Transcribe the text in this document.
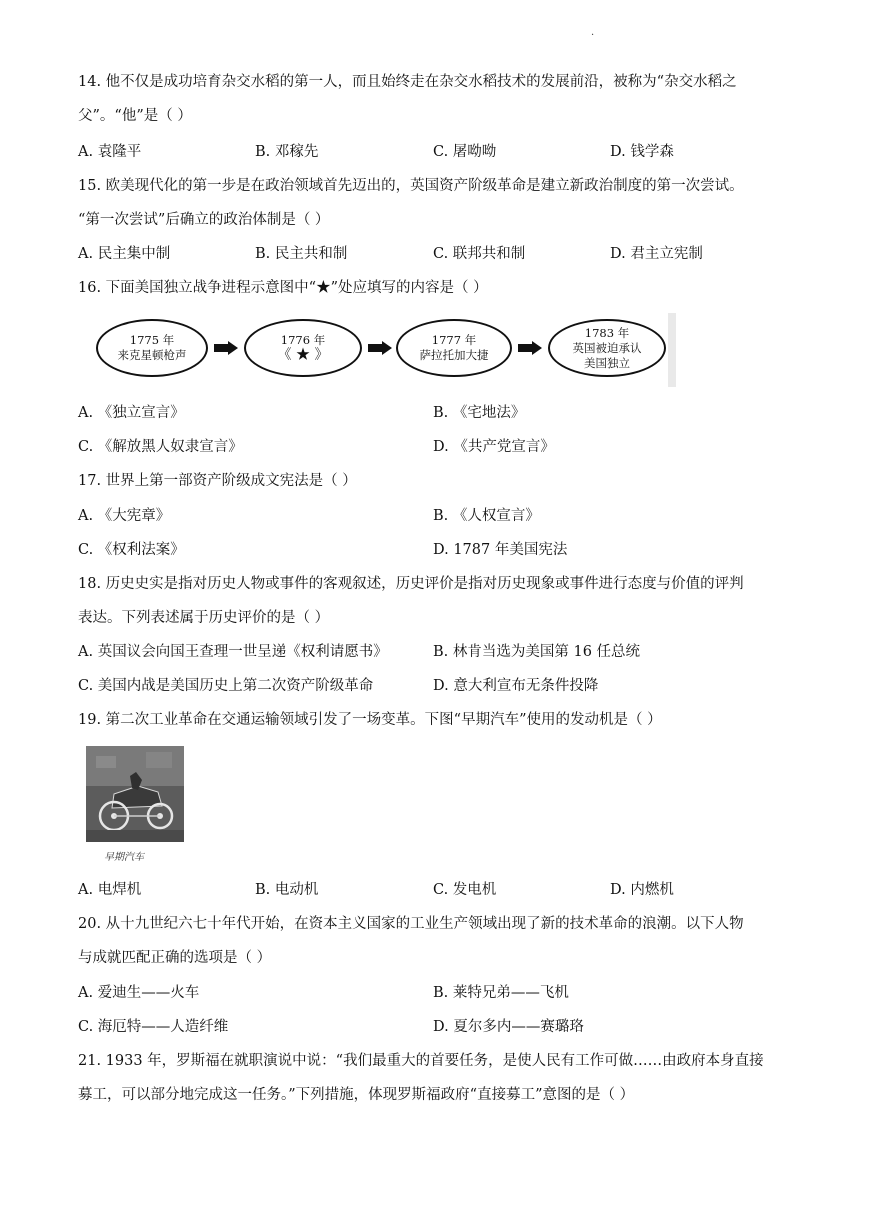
·
14. 他不仅是成功培育杂交水稻的第一人，而且始终走在杂交水稻技术的发展前沿，被称为“杂交水稻之
父”。“他”是（ ）
A. 袁隆平	B. 邓稼先	C. 屠呦呦	D. 钱学森
15. 欧美现代化的第一步是在政治领域首先迈出的，英国资产阶级革命是建立新政治制度的第一次尝试。
“第一次尝试”后确立的政治体制是（ ）
A. 民主集中制	B. 民主共和制	C. 联邦共和制	D. 君主立宪制
16. 下面美国独立战争进程示意图中“★”处应填写的内容是（ ）
1775 年
来克星顿枪声
1776 年
《 ★ 》
1777 年
萨拉托加大捷
1783 年
英国被迫承认美国独立
A. 《独立宣言》	B. 《宅地法》
C. 《解放黑人奴隶宣言》	D. 《共产党宣言》
17. 世界上第一部资产阶级成文宪法是（ ）
A. 《大宪章》	B. 《人权宣言》
C. 《权利法案》	D. 1787 年美国宪法
18. 历史史实是指对历史人物或事件的客观叙述，历史评价是指对历史现象或事件进行态度与价值的评判
表达。下列表述属于历史评价的是（ ）
A. 英国议会向国王查理一世呈递《权利请愿书》	B. 林肯当选为美国第 16 任总统
C. 美国内战是美国历史上第二次资产阶级革命	D. 意大利宣布无条件投降
19. 第二次工业革命在交通运输领域引发了一场变革。下图“早期汽车”使用的发动机是（ ）
早期汽车
A. 电焊机	B. 电动机	C. 发电机	D. 内燃机
20. 从十九世纪六七十年代开始，在资本主义国家的工业生产领域出现了新的技术革命的浪潮。以下人物
与成就匹配正确的选项是（ ）
A. 爱迪生——火车	B. 莱特兄弟——飞机
C. 海厄特——人造纤维	D. 夏尔多内——赛璐珞
21. 1933 年，罗斯福在就职演说中说：“我们最重大的首要任务，是使人民有工作可做……由政府本身直接
募工，可以部分地完成这一任务。”下列措施，体现罗斯福政府“直接募工”意图的是（ ）
